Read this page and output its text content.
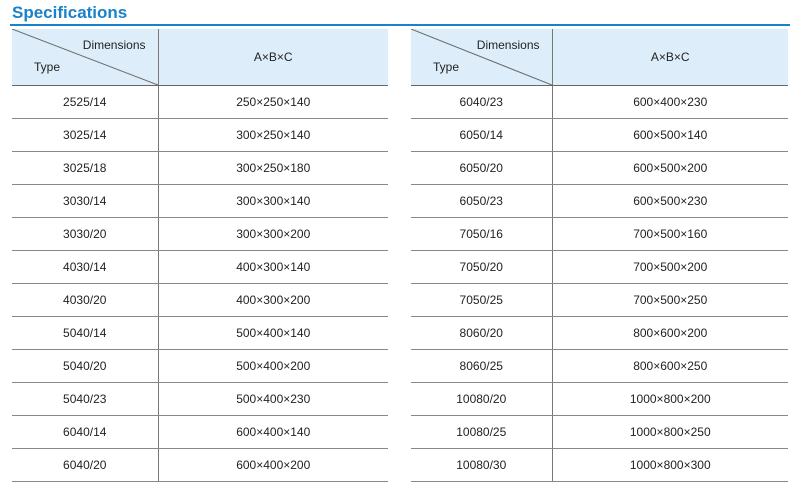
Specifications
Dimensions
Type	A×B×C
2525/14	250×250×140
3025/14	300×250×140
3025/18	300×250×180
3030/14	300×300×140
3030/20	300×300×200
4030/14	400×300×140
4030/20	400×300×200
5040/14	500×400×140
5040/20	500×400×200
5040/23	500×400×230
6040/14	600×400×140
6040/20	600×400×200
Dimensions
Type	A×B×C
6040/23	600×400×230
6050/14	600×500×140
6050/20	600×500×200
6050/23	600×500×230
7050/16	700×500×160
7050/20	700×500×200
7050/25	700×500×250
8060/20	800×600×200
8060/25	800×600×250
10080/20	1000×800×200
10080/25	1000×800×250
10080/30	1000×800×300
